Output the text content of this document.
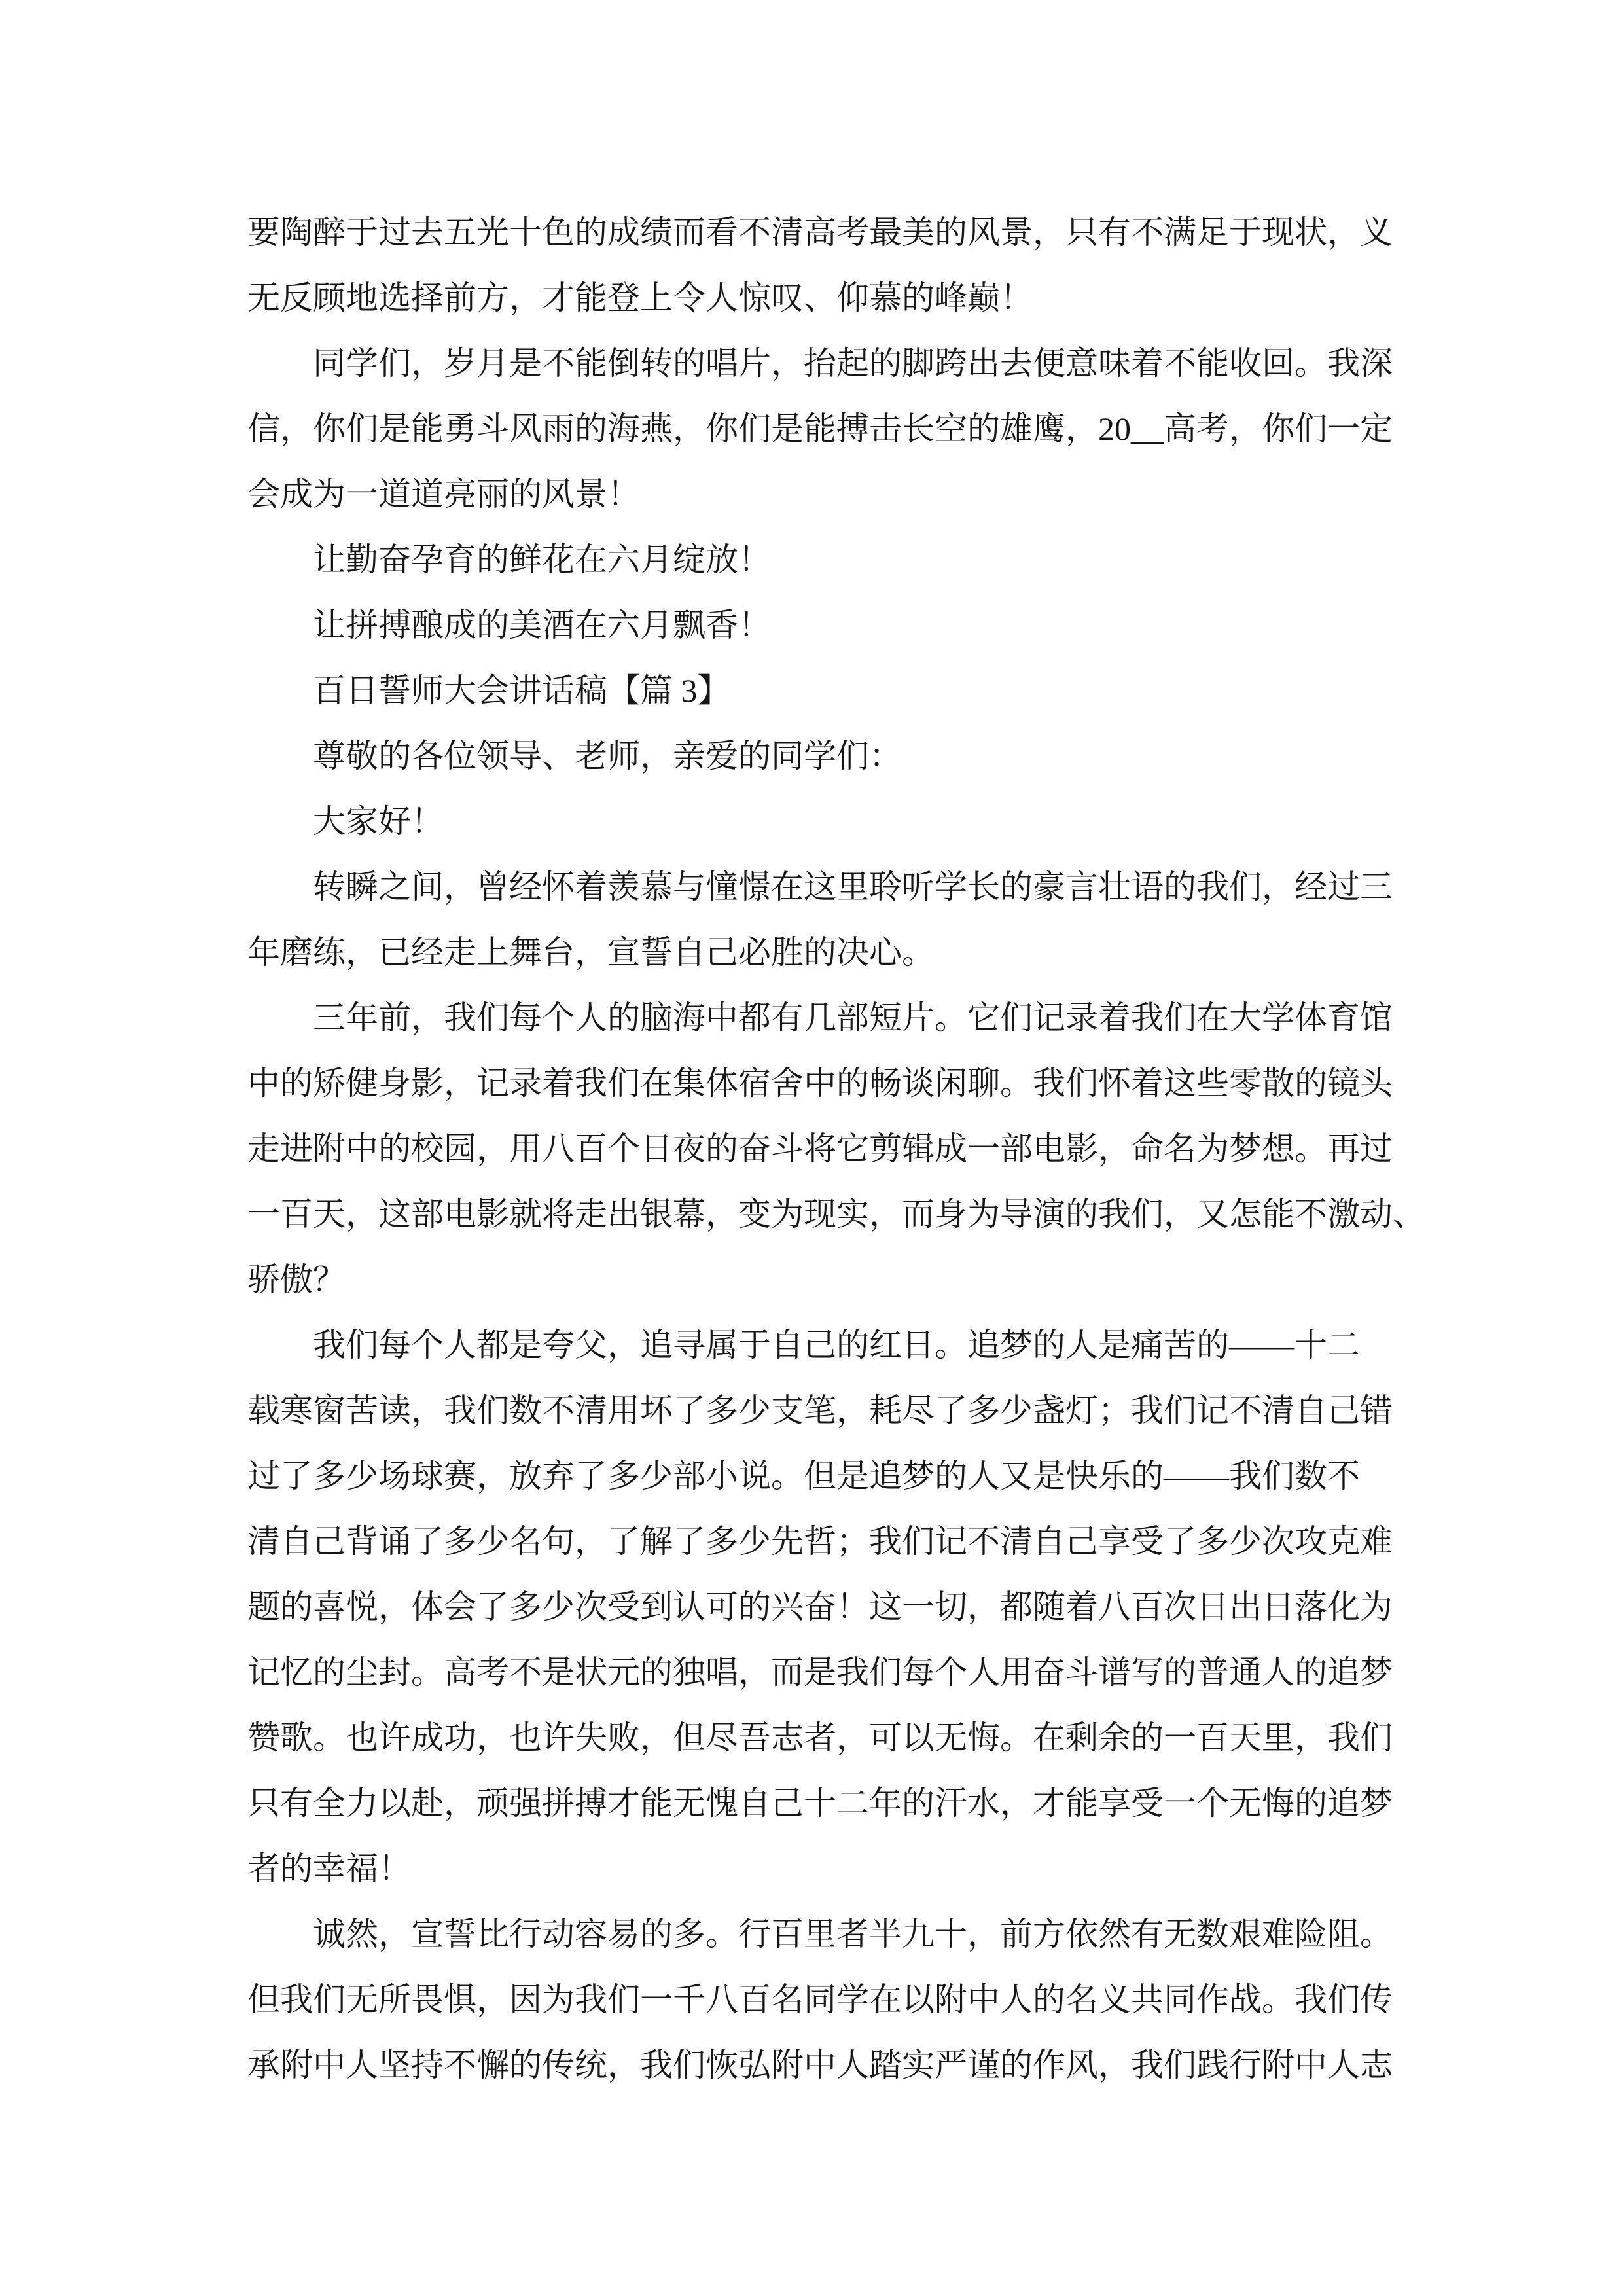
要陶醉于过去五光十色的成绩而看不清高考最美的风景，只有不满足于现状，义
无反顾地选择前方，才能登上令人惊叹、仰慕的峰巅！
同学们，岁月是不能倒转的唱片，抬起的脚跨出去便意味着不能收回。我深
信，你们是能勇斗风雨的海燕，你们是能搏击长空的雄鹰，20__高考，你们一定
会成为一道道亮丽的风景！
让勤奋孕育的鲜花在六月绽放！
让拼搏酿成的美酒在六月飘香！
百日誓师大会讲话稿【篇 3】
尊敬的各位领导、老师，亲爱的同学们：
大家好！
转瞬之间，曾经怀着羡慕与憧憬在这里聆听学长的豪言壮语的我们，经过三
年磨练，已经走上舞台，宣誓自己必胜的决心。
三年前，我们每个人的脑海中都有几部短片。它们记录着我们在大学体育馆
中的矫健身影，记录着我们在集体宿舍中的畅谈闲聊。我们怀着这些零散的镜头
走进附中的校园，用八百个日夜的奋斗将它剪辑成一部电影，命名为梦想。再过
一百天，这部电影就将走出银幕，变为现实，而身为导演的我们，又怎能不激动、
骄傲？
我们每个人都是夸父，追寻属于自己的红日。追梦的人是痛苦的——十二
载寒窗苦读，我们数不清用坏了多少支笔，耗尽了多少盏灯；我们记不清自己错
过了多少场球赛，放弃了多少部小说。但是追梦的人又是快乐的——我们数不
清自己背诵了多少名句，了解了多少先哲；我们记不清自己享受了多少次攻克难
题的喜悦，体会了多少次受到认可的兴奋！这一切，都随着八百次日出日落化为
记忆的尘封。高考不是状元的独唱，而是我们每个人用奋斗谱写的普通人的追梦
赞歌。也许成功，也许失败，但尽吾志者，可以无悔。在剩余的一百天里，我们
只有全力以赴，顽强拼搏才能无愧自己十二年的汗水，才能享受一个无悔的追梦
者的幸福！
诚然，宣誓比行动容易的多。行百里者半九十，前方依然有无数艰难险阻。
但我们无所畏惧，因为我们一千八百名同学在以附中人的名义共同作战。我们传
承附中人坚持不懈的传统，我们恢弘附中人踏实严谨的作风，我们践行附中人志
